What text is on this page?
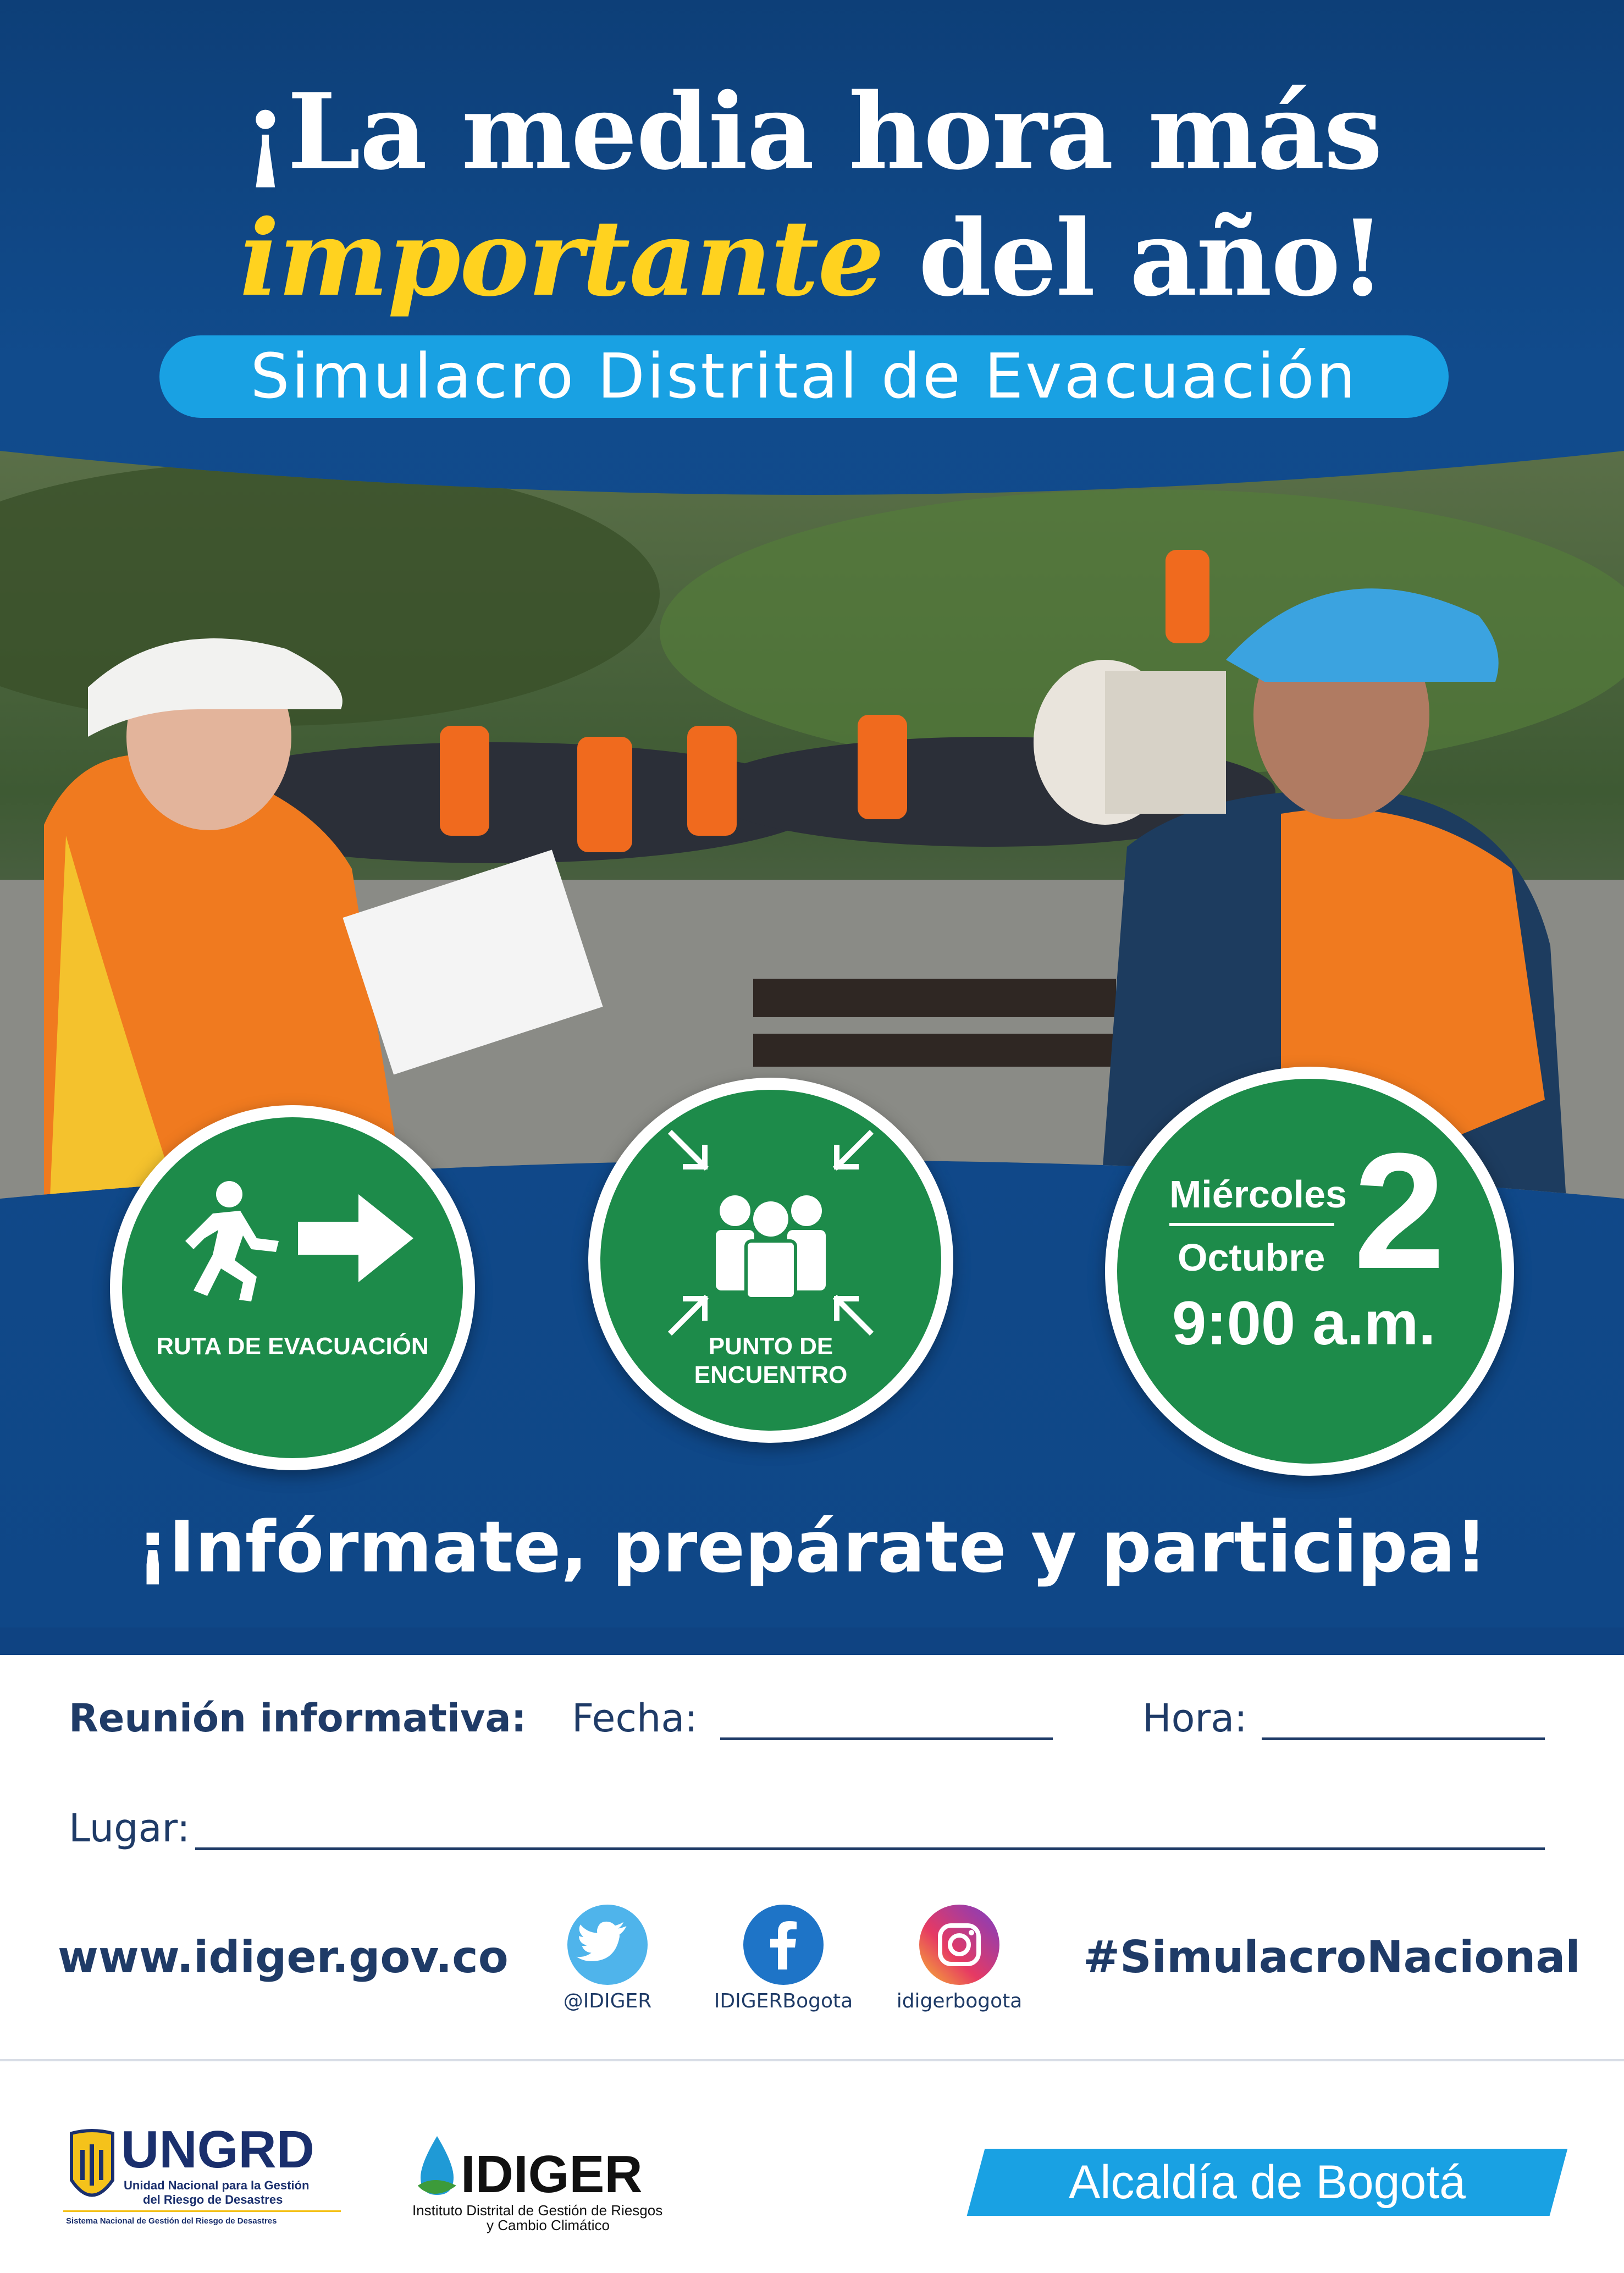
¡La media hora más
importante del año!
Simulacro Distrital de Evacuación
RUTA DE EVACUACIÓN	PUNTO DE
ENCUENTRO
Miércoles
Octubre 2
9:00 a.m.
¡Infórmate, prepárate y participa!
Reunión informativa: Fecha:	Hora:
Lugar:
www.idiger.gov.co
@IDIGER	IDIGERBogota	idigerbogota
#SimulacroNacional
UNGRD
Unidad Nacional para la Gestión
del Riesgo de Desastres
Sistema Nacional de Gestión del Riesgo de Desastres
IDIGER
Instituto Distrital de Gestión de Riesgos
y Cambio Climático
Alcaldía de Bogotá
